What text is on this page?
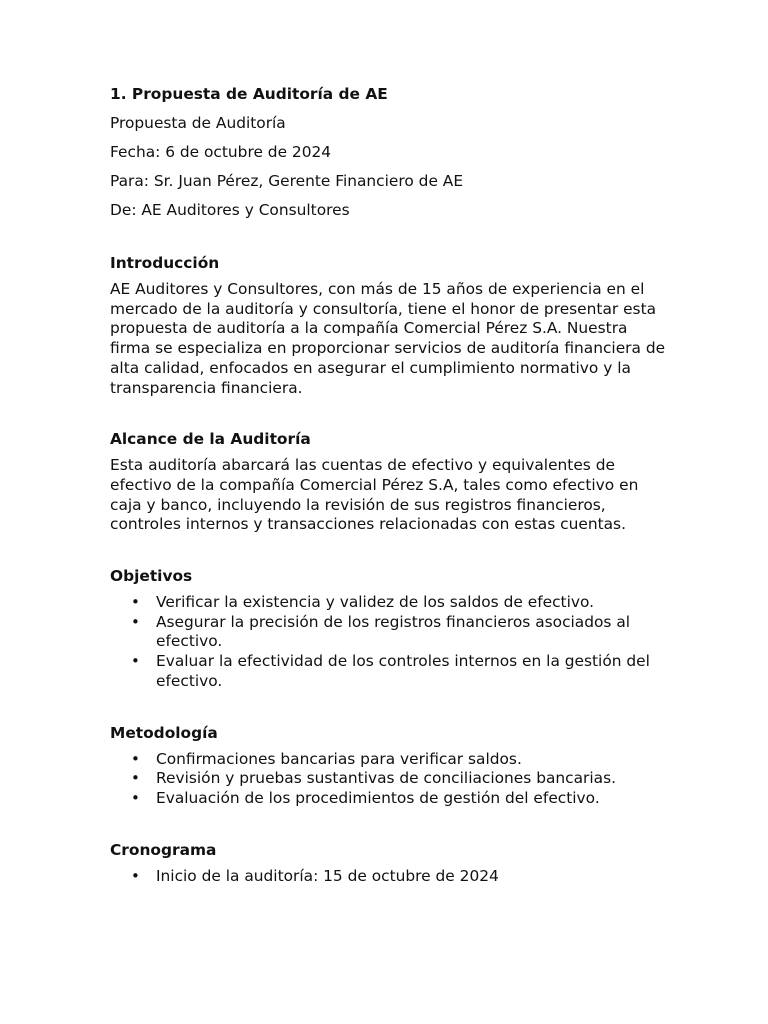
1. Propuesta de Auditoría de AE
Propuesta de Auditoría
Fecha: 6 de octubre de 2024
Para: Sr. Juan Pérez, Gerente Financiero de AE
De: AE Auditores y Consultores
Introducción

AE Auditores y Consultores, con más de 15 años de experiencia en el mercado de la auditoría y consultoría, tiene el honor de presentar esta propuesta de auditoría a la compañía Comercial Pérez S.A. Nuestra firma se especializa en proporcionar servicios de auditoría financiera de alta calidad, enfocados en asegurar el cumplimiento normativo y la transparencia financiera.

Alcance de la Auditoría

Esta auditoría abarcará las cuentas de efectivo y equivalentes de efectivo de la compañía Comercial Pérez S.A, tales como efectivo en caja y banco, incluyendo la revisión de sus registros financieros, controles internos y transacciones relacionadas con estas cuentas.

Objetivos
• Verificar la existencia y validez de los saldos de efectivo.
• Asegurar la precisión de los registros financieros asociados al efectivo.
• Evaluar la efectividad de los controles internos en la gestión del efectivo.
Metodología
• Confirmaciones bancarias para verificar saldos.
• Revisión y pruebas sustantivas de conciliaciones bancarias.
• Evaluación de los procedimientos de gestión del efectivo.
Cronograma
• Inicio de la auditoría: 15 de octubre de 2024
